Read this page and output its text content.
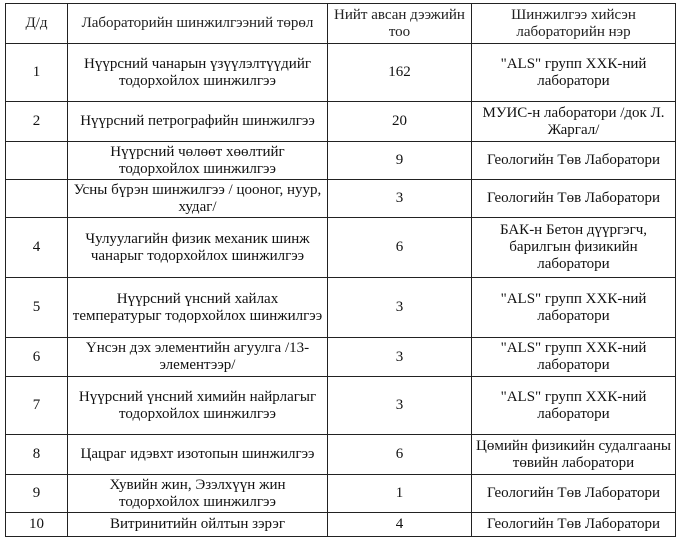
Д/д	Лабораторийн шинжилгээний төрөл	Нийт авсан дээжийн тоо	Шинжилгээ хийсэн лабораторийн нэр
1	Нүүрсний чанарын үзүүлэлтүүдийг тодорхойлох шинжилгээ	162	"ALS" групп ХХК-ний лаборатори
2	Нүүрсний петрографийн шинжилгээ	20	МУИС-н лаборатори /док Л. Жаргал/
	Нүүрсний чөлөөт хөөлтийг тодорхойлох шинжилгээ	9	Геологийн Төв Лаборатори
	Усны бүрэн шинжилгээ / цооног, нуур, худаг/	3	Геологийн Төв Лаборатори
4	Чулуулагийн физик механик шинж чанарыг тодорхойлох шинжилгээ	6	БАК-н Бетон дүүргэгч, барилгын физикийн лаборатори
5	Нүүрсний үнсний хайлах температурыг тодорхойлох шинжилгээ	3	"ALS" групп ХХК-ний лаборатори
6	Үнсэн дэх элементийн агуулга /13-элементээр/	3	"ALS" групп ХХК-ний лаборатори
7	Нүүрсний үнсний химийн найрлагыг тодорхойлох шинжилгээ	3	"ALS" групп ХХК-ний лаборатори
8	Цацраг идэвхт изотопын шинжилгээ	6	Цөмийн физикийн судалгааны төвийн лаборатори
9	Хувийн жин, Эзэлхүүн жин тодорхойлох шинжилгээ	1	Геологийн Төв Лаборатори
10	Витринитийн ойлтын зэрэг	4	Геологийн Төв Лаборатори
